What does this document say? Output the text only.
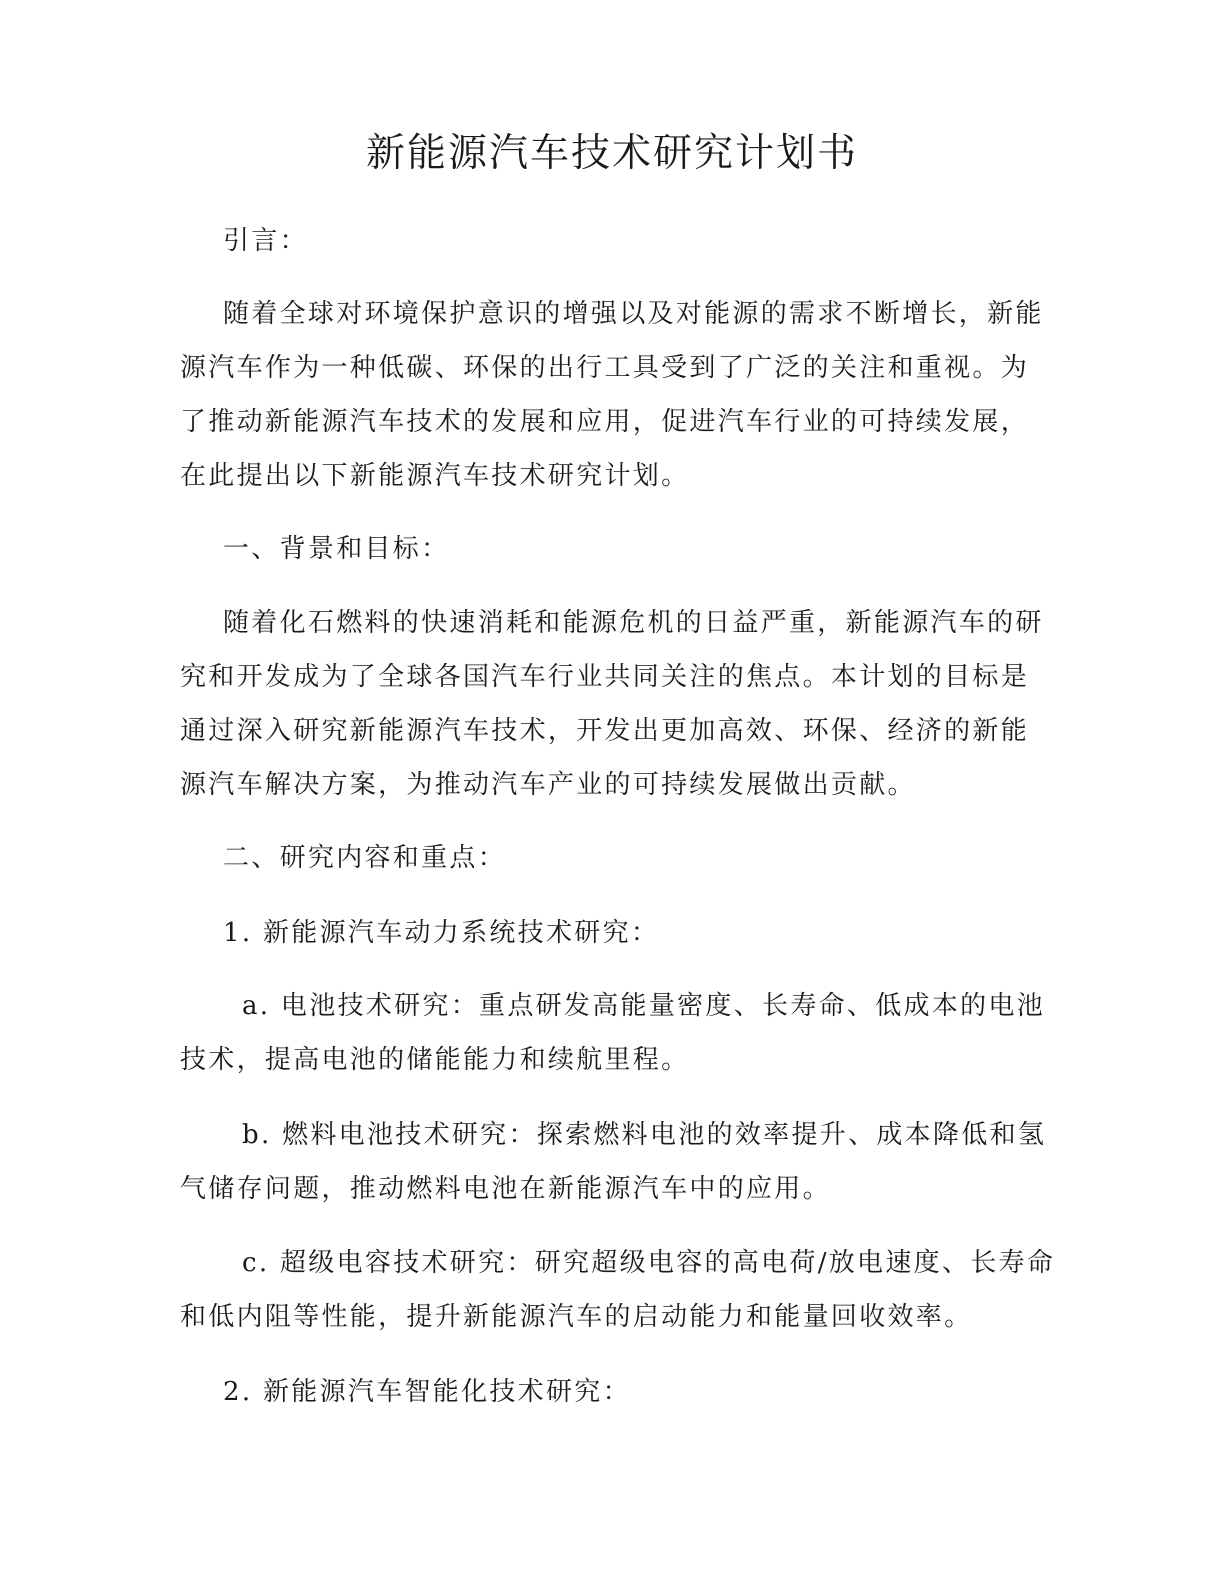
新能源汽车技术研究计划书

引言：

随着全球对环境保护意识的增强以及对能源的需求不断增长，新能
源汽车作为一种低碳、环保的出行工具受到了广泛的关注和重视。为
了推动新能源汽车技术的发展和应用，促进汽车行业的可持续发展，
在此提出以下新能源汽车技术研究计划。

一、背景和目标：

随着化石燃料的快速消耗和能源危机的日益严重，新能源汽车的研
究和开发成为了全球各国汽车行业共同关注的焦点。本计划的目标是
通过深入研究新能源汽车技术，开发出更加高效、环保、经济的新能
源汽车解决方案，为推动汽车产业的可持续发展做出贡献。

二、研究内容和重点：

1. 新能源汽车动力系统技术研究：

a. 电池技术研究：重点研发高能量密度、长寿命、低成本的电池
技术，提高电池的储能能力和续航里程。

b. 燃料电池技术研究：探索燃料电池的效率提升、成本降低和氢
气储存问题，推动燃料电池在新能源汽车中的应用。

c. 超级电容技术研究：研究超级电容的高电荷/放电速度、长寿命
和低内阻等性能，提升新能源汽车的启动能力和能量回收效率。

2. 新能源汽车智能化技术研究：
